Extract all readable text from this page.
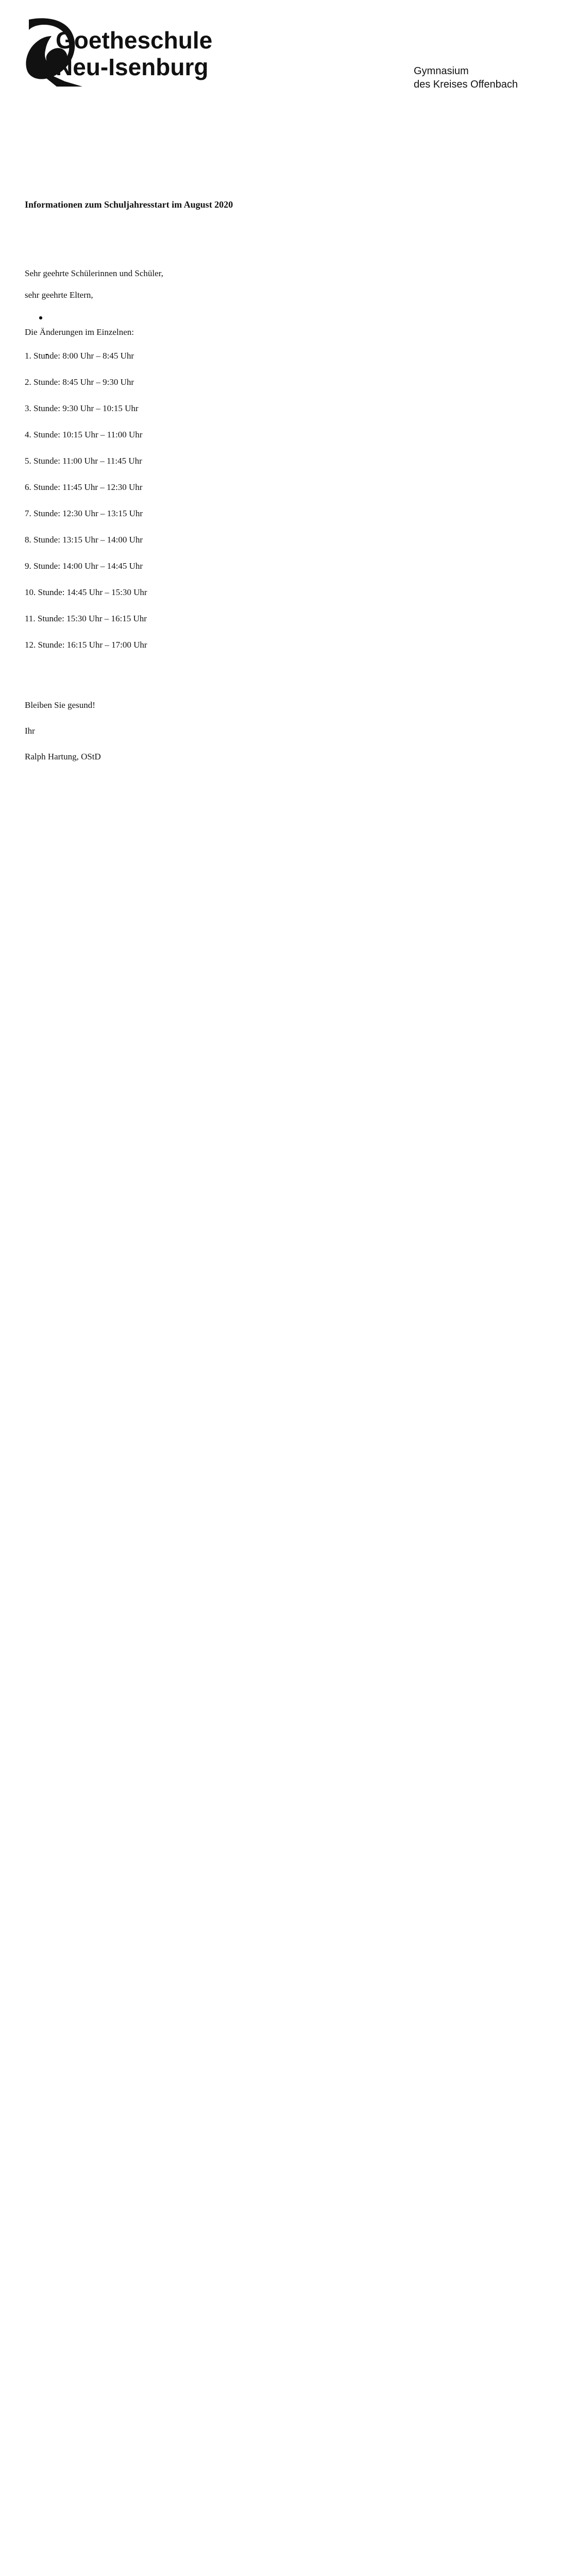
Goetheschule
Neu-Isenburg	Gymnasium
des Kreises Offenbach
Informationen zum Schuljahresstart im August 2020
Sehr geehrte Schülerinnen und Schüler,
sehr geehrte Eltern,
Die Änderungen im Einzelnen:
1. Stunde: 8:00 Uhr – 8:45 Uhr
2. Stunde: 8:45 Uhr – 9:30 Uhr
3. Stunde: 9:30 Uhr – 10:15 Uhr
4. Stunde: 10:15 Uhr – 11:00 Uhr
5. Stunde: 11:00 Uhr – 11:45 Uhr
6. Stunde: 11:45 Uhr – 12:30 Uhr
7. Stunde: 12:30 Uhr – 13:15 Uhr
8. Stunde: 13:15 Uhr – 14:00 Uhr
9. Stunde: 14:00 Uhr – 14:45 Uhr
10. Stunde: 14:45 Uhr – 15:30 Uhr
11. Stunde: 15:30 Uhr – 16:15 Uhr
12. Stunde: 16:15 Uhr – 17:00 Uhr
Bleiben Sie gesund!
Ihr
Ralph Hartung, OStD
